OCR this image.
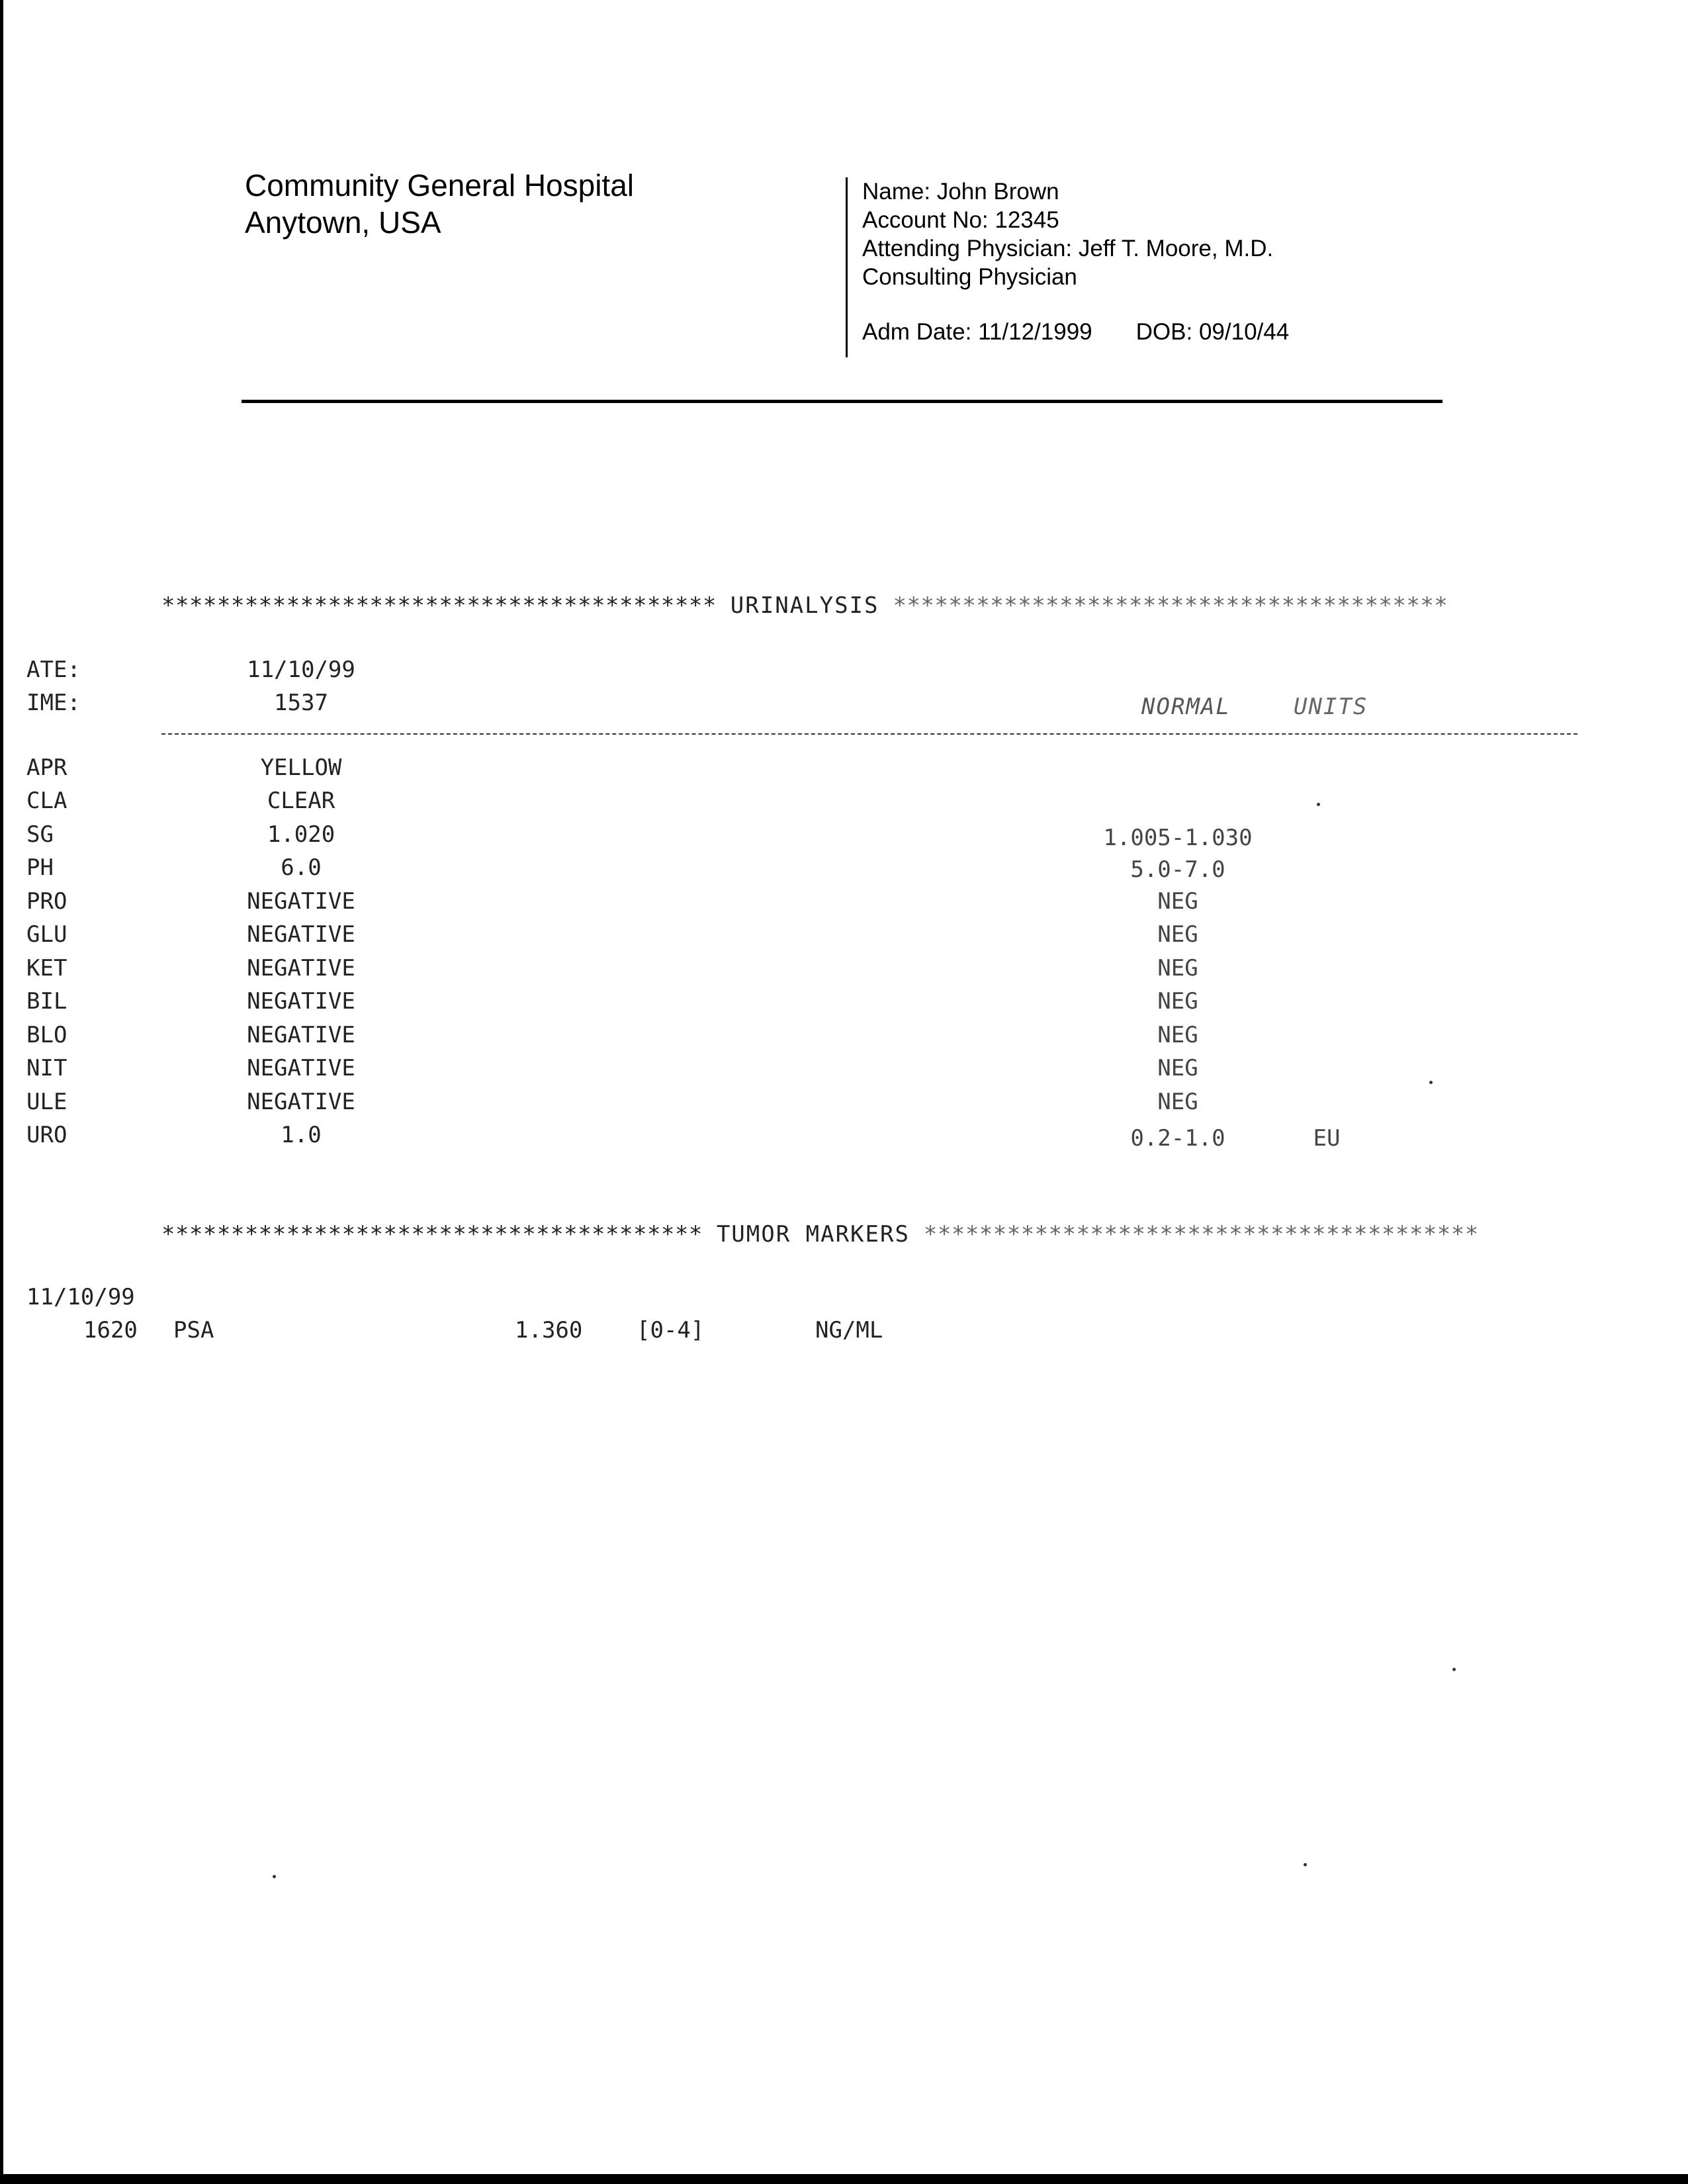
Community General Hospital
Anytown, USA
Name: John Brown
Account No: 12345
Attending Physician: Jeff T. Moore, M.D.
Consulting Physician
Adm Date: 11/12/1999 DOB: 09/10/44
**************************************** URINALYSIS ****************************************
ATE:	11/10/99
IME:	1537	NORMAL	UNITS
APR	YELLOW
CLA	CLEAR
SG	1.020	1.005-1.030
PH	6.0	5.0-7.0
PRO	NEGATIVE	NEG
GLU	NEGATIVE	NEG
KET	NEGATIVE	NEG
BIL	NEGATIVE	NEG
BLO	NEGATIVE	NEG
NIT	NEGATIVE	NEG
ULE	NEGATIVE	NEG
URO	1.0	0.2-1.0	EU
*************************************** TUMOR MARKERS ****************************************
11/10/99
1620 PSA	1.360 [0-4]	NG/ML
